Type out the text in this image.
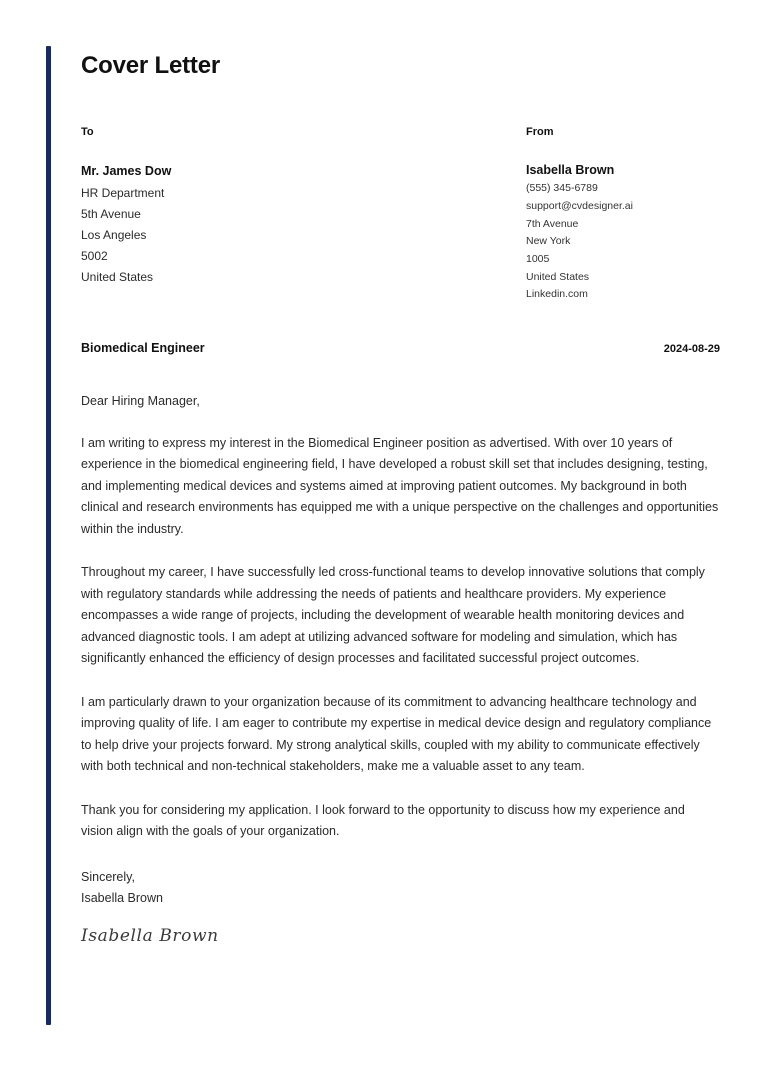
Cover Letter
To
Mr. James Dow
HR Department
5th Avenue
Los Angeles
5002
United States
From
Isabella Brown
(555) 345-6789
support@cvdesigner.ai
7th Avenue
New York
1005
United States
Linkedin.com
Biomedical Engineer	2024-08-29
Dear Hiring Manager,

I am writing to express my interest in the Biomedical Engineer position as advertised. With over 10 years of experience in the biomedical engineering field, I have developed a robust skill set that includes designing, testing, and implementing medical devices and systems aimed at improving patient outcomes. My background in both clinical and research environments has equipped me with a unique perspective on the challenges and opportunities within the industry.

Throughout my career, I have successfully led cross-functional teams to develop innovative solutions that comply with regulatory standards while addressing the needs of patients and healthcare providers. My experience encompasses a wide range of projects, including the development of wearable health monitoring devices and advanced diagnostic tools. I am adept at utilizing advanced software for modeling and simulation, which has significantly enhanced the efficiency of design processes and facilitated successful project outcomes.

I am particularly drawn to your organization because of its commitment to advancing healthcare technology and improving quality of life. I am eager to contribute my expertise in medical device design and regulatory compliance to help drive your projects forward. My strong analytical skills, coupled with my ability to communicate effectively with both technical and non-technical stakeholders, make me a valuable asset to any team.

Thank you for considering my application. I look forward to the opportunity to discuss how my experience and vision align with the goals of your organization.

Sincerely,
Isabella Brown
Isabella Brown
